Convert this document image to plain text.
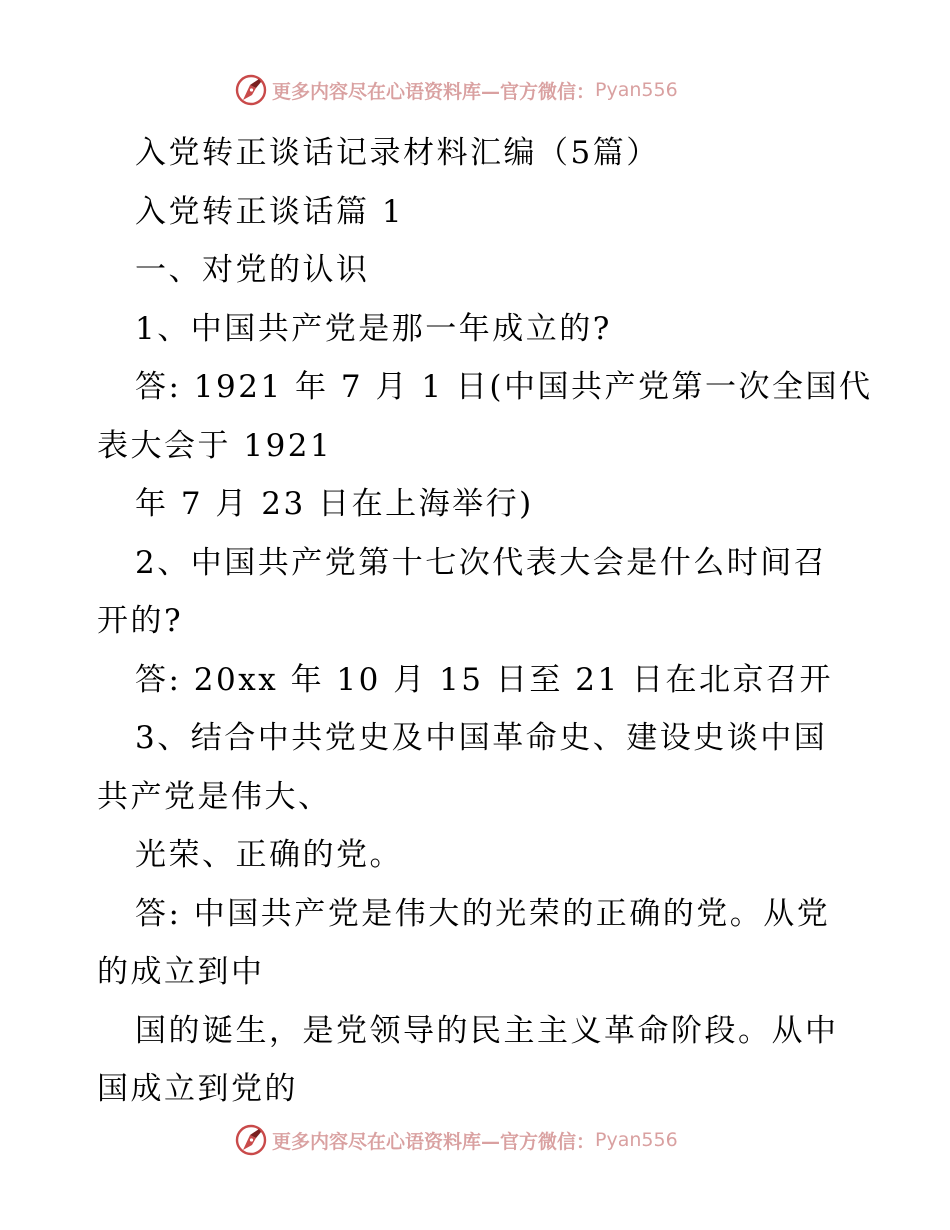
更多内容尽在心语资料库—官方微信： Pyan556

入党转正谈话记录材料汇编（5篇）

入党转正谈话篇 1

一、对党的认识

1、中国共产党是那一年成立的?

答: 1921 年 7 月 1 日(中国共产党第一次全国代

表大会于 1921

年 7 月 23 日在上海举行)

2、中国共产党第十七次代表大会是什么时间召

开的?

答: 20xx 年 10 月 15 日至 21 日在北京召开

3、结合中共党史及中国革命史、建设史谈中国

共产党是伟大、

光荣、正确的党。

答: 中国共产党是伟大的光荣的正确的党。从党

的成立到中

国的诞生，是党领导的民主主义革命阶段。从中

国成立到党的

更多内容尽在心语资料库—官方微信： Pyan556
